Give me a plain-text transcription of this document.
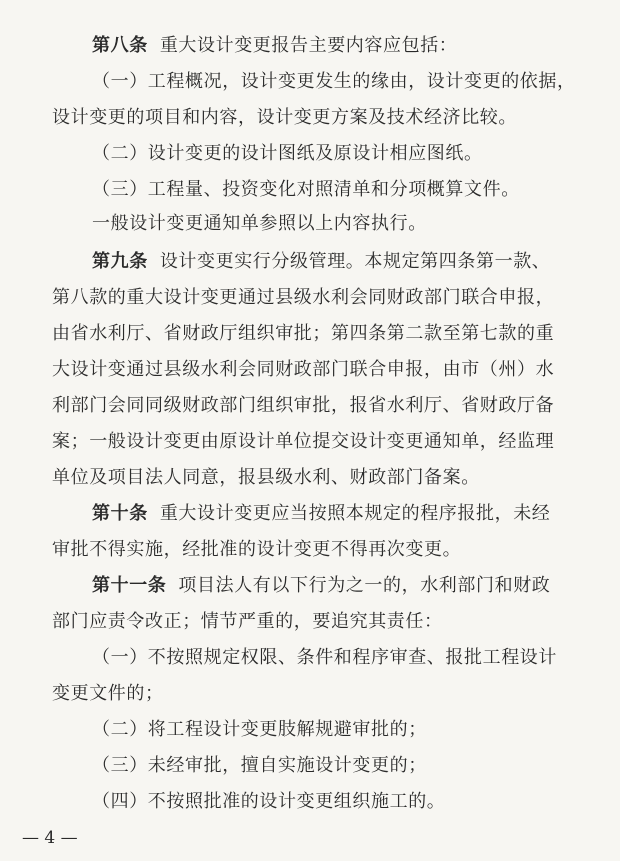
第八条 重大设计变更报告主要内容应包括：
（一）工程概况，设计变更发生的缘由，设计变更的依据，
设计变更的项目和内容，设计变更方案及技术经济比较。
（二）设计变更的设计图纸及原设计相应图纸。
（三）工程量、投资变化对照清单和分项概算文件。
一般设计变更通知单参照以上内容执行。
第九条 设计变更实行分级管理。本规定第四条第一款、
第八款的重大设计变更通过县级水利会同财政部门联合申报，
由省水利厅、省财政厅组织审批；第四条第二款至第七款的重
大设计变通过县级水利会同财政部门联合申报，由市（州）水
利部门会同同级财政部门组织审批，报省水利厅、省财政厅备
案；一般设计变更由原设计单位提交设计变更通知单，经监理
单位及项目法人同意，报县级水利、财政部门备案。
第十条 重大设计变更应当按照本规定的程序报批，未经
审批不得实施，经批准的设计变更不得再次变更。
第十一条 项目法人有以下行为之一的，水利部门和财政
部门应责令改正；情节严重的，要追究其责任：
（一）不按照规定权限、条件和程序审查、报批工程设计
变更文件的；
（二）将工程设计变更肢解规避审批的；
（三）未经审批，擅自实施设计变更的；
（四）不按照批准的设计变更组织施工的。
— 4 —
